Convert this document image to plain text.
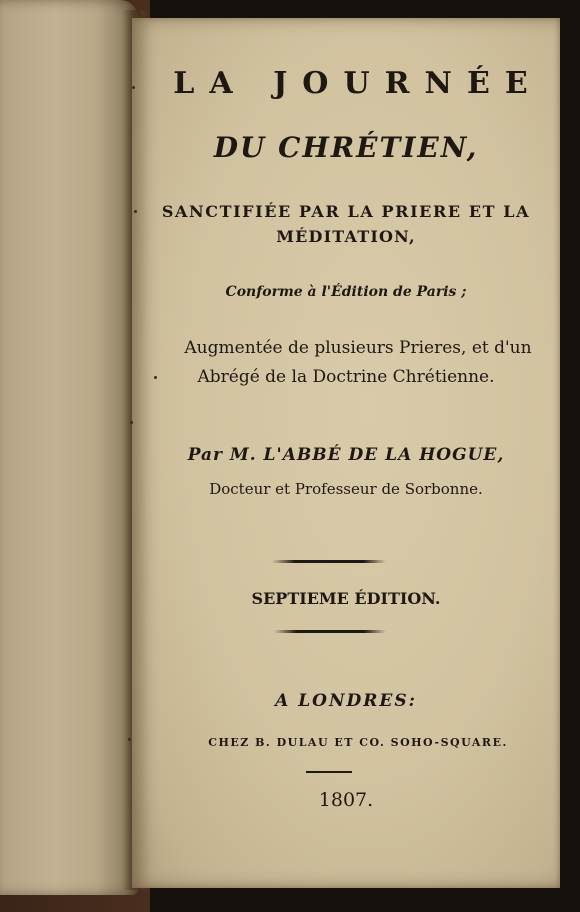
LA JOURNÉE
DU CHRÉTIEN,
SANCTIFIÉE PAR LA PRIERE ET LA
MÉDITATION,
Conforme à l'Édition de Paris ;
Augmentée de plusieurs Prieres, et d'un
Abrégé de la Doctrine Chrétienne.
Par M. L'ABBÉ DE LA HOGUE,
Docteur et Professeur de Sorbonne.
SEPTIEME ÉDITION.
A LONDRES:
CHEZ B. DULAU ET CO. SOHO-SQUARE.
1807.
